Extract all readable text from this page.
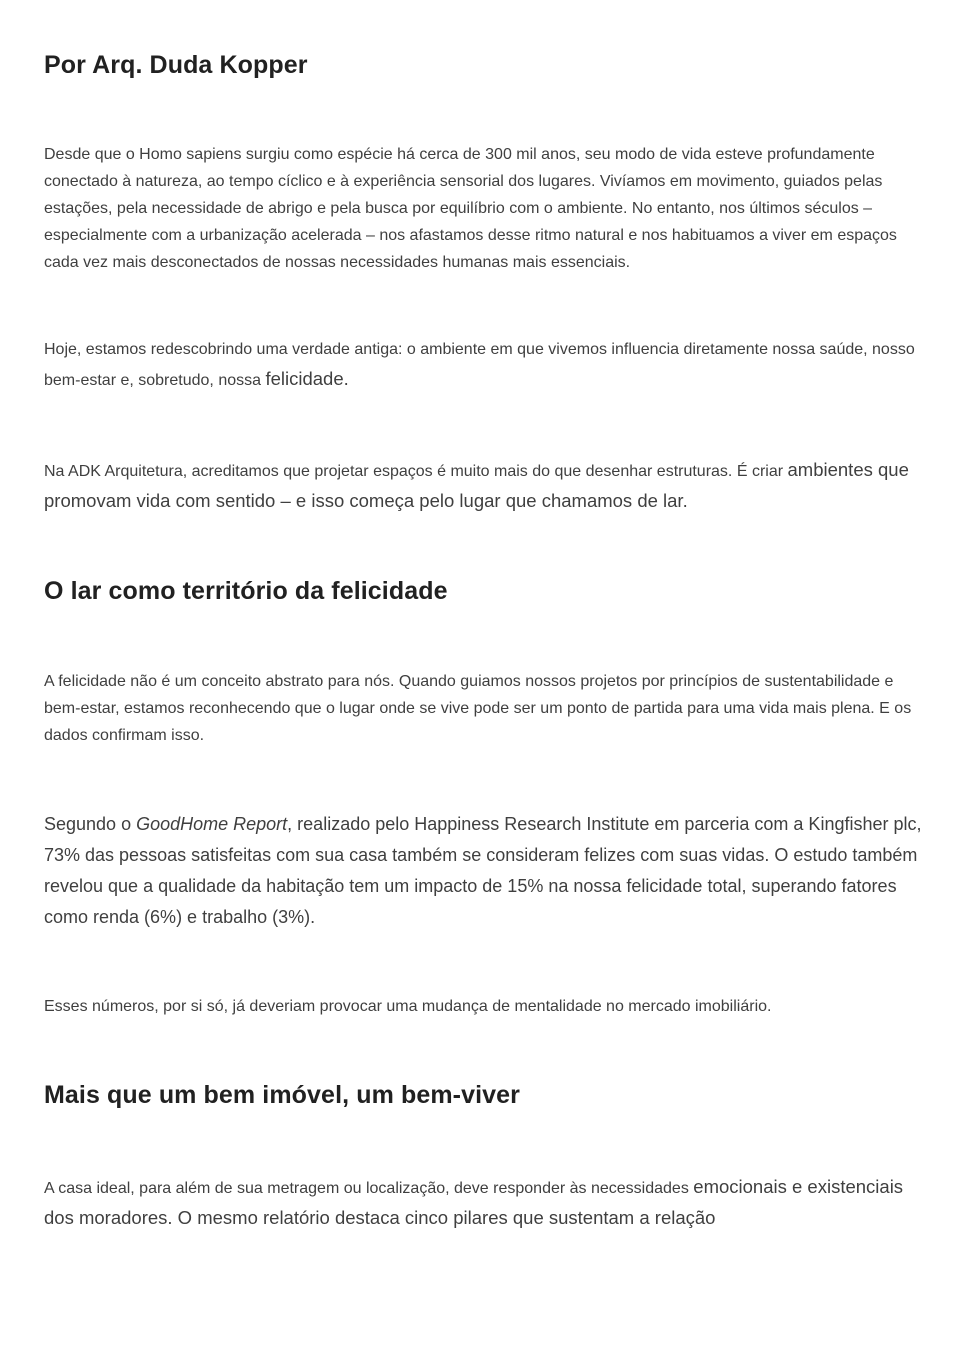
Por Arq. Duda Kopper

Desde que o Homo sapiens surgiu como espécie há cerca de 300 mil anos, seu modo de vida esteve profundamente conectado à natureza, ao tempo cíclico e à experiência sensorial dos lugares. Vivíamos em movimento, guiados pelas estações, pela necessidade de abrigo e pela busca por equilíbrio com o ambiente. No entanto, nos últimos séculos – especialmente com a urbanização acelerada – nos afastamos desse ritmo natural e nos habituamos a viver em espaços cada vez mais desconectados de nossas necessidades humanas mais essenciais.

Hoje, estamos redescobrindo uma verdade antiga: o ambiente em que vivemos influencia diretamente nossa saúde, nosso bem-estar e, sobretudo, nossa felicidade.

Na ADK Arquitetura, acreditamos que projetar espaços é muito mais do que desenhar estruturas. É criar ambientes que promovam vida com sentido – e isso começa pelo lugar que chamamos de lar.

O lar como território da felicidade

A felicidade não é um conceito abstrato para nós. Quando guiamos nossos projetos por princípios de sustentabilidade e bem-estar, estamos reconhecendo que o lugar onde se vive pode ser um ponto de partida para uma vida mais plena. E os dados confirmam isso.

Segundo o GoodHome Report, realizado pelo Happiness Research Institute em parceria com a Kingfisher plc, 73% das pessoas satisfeitas com sua casa também se consideram felizes com suas vidas. O estudo também revelou que a qualidade da habitação tem um impacto de 15% na nossa felicidade total, superando fatores como renda (6%) e trabalho (3%).

Esses números, por si só, já deveriam provocar uma mudança de mentalidade no mercado imobiliário.

Mais que um bem imóvel, um bem-viver

A casa ideal, para além de sua metragem ou localização, deve responder às necessidades emocionais e existenciais dos moradores. O mesmo relatório destaca cinco pilares que sustentam a relação
